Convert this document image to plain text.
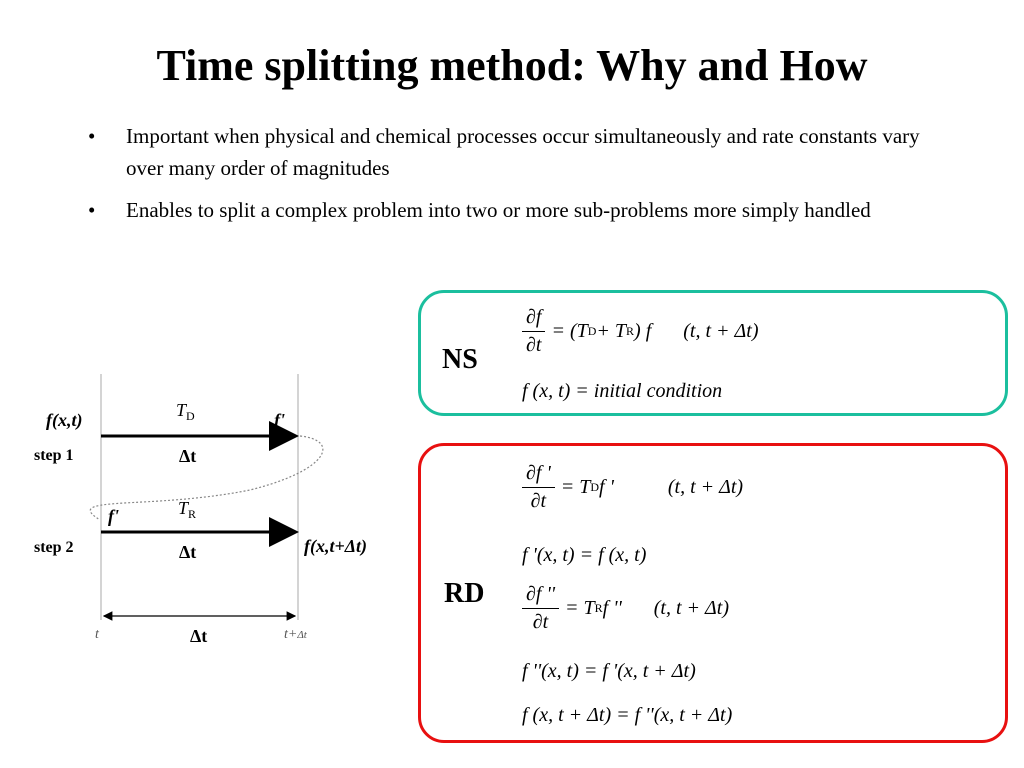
Time splitting method: Why and How
•	Important when physical and chemical processes occur simultaneously and rate constants vary over many order of magnitudes
•	Enables to split a complex problem into two or more sub-problems more simply handled
f(x,t)	$T_D$	f'
step 1	Δt
f'	$T_R$
step 2	f(x,t+Δt)
Δt
t	Δt	t+Δt
NS
$\frac{\partial f}{\partial t} = (T$ D + T R ) f (t, t + Δt)
f (x, t) = initial condition
RD
$\frac{\partial f '}{\partial t} = T$ D f '	(t, t + Δt)
f '(x, t) = f (x, t)
$\frac{\partial f ''}{\partial t} = T$ R f '' (t, t + Δt)
f ''(x, t) = f '(x, t + Δt)
f (x, t + Δt) = f ''(x, t + Δt)
